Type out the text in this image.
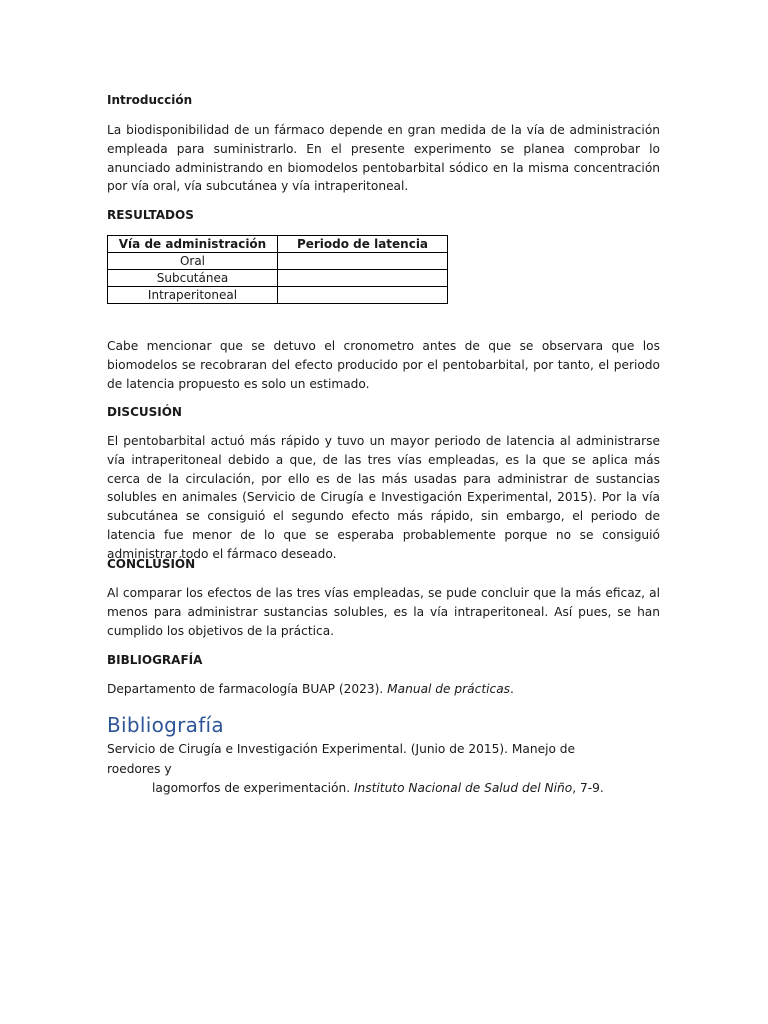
Introducción
La biodisponibilidad de un fármaco depende en gran medida de la vía de administración empleada para suministrarlo. En el presente experimento se planea comprobar lo anunciado administrando en biomodelos pentobarbital sódico en la misma concentración por vía oral, vía subcutánea y vía intraperitoneal.
RESULTADOS
Vía de administración	Periodo de latencia
Oral	
Subcutánea	
Intraperitoneal	
Cabe mencionar que se detuvo el cronometro antes de que se observara que los biomodelos se recobraran del efecto producido por el pentobarbital, por tanto, el periodo de latencia propuesto es solo un estimado.
DISCUSIÓN
El pentobarbital actuó más rápido y tuvo un mayor periodo de latencia al administrarse vía intraperitoneal debido a que, de las tres vías empleadas, es la que se aplica más cerca de la circulación, por ello es de las más usadas para administrar de sustancias solubles en animales (Servicio de Cirugía e Investigación Experimental, 2015). Por la vía subcutánea se consiguió el segundo efecto más rápido, sin embargo, el periodo de latencia fue menor de lo que se esperaba probablemente porque no se consiguió administrar todo el fármaco deseado.
CONCLUSIÓN
Al comparar los efectos de las tres vías empleadas, se pude concluir que la más eficaz, al menos para administrar sustancias solubles, es la vía intraperitoneal. Así pues, se han cumplido los objetivos de la práctica.
BIBLIOGRAFÍA
Departamento de farmacología BUAP (2023). Manual de prácticas.
Bibliografía
Servicio de Cirugía e Investigación Experimental. (Junio de 2015). Manejo de roedores y
lagomorfos de experimentación. Instituto Nacional de Salud del Niño, 7-9.
